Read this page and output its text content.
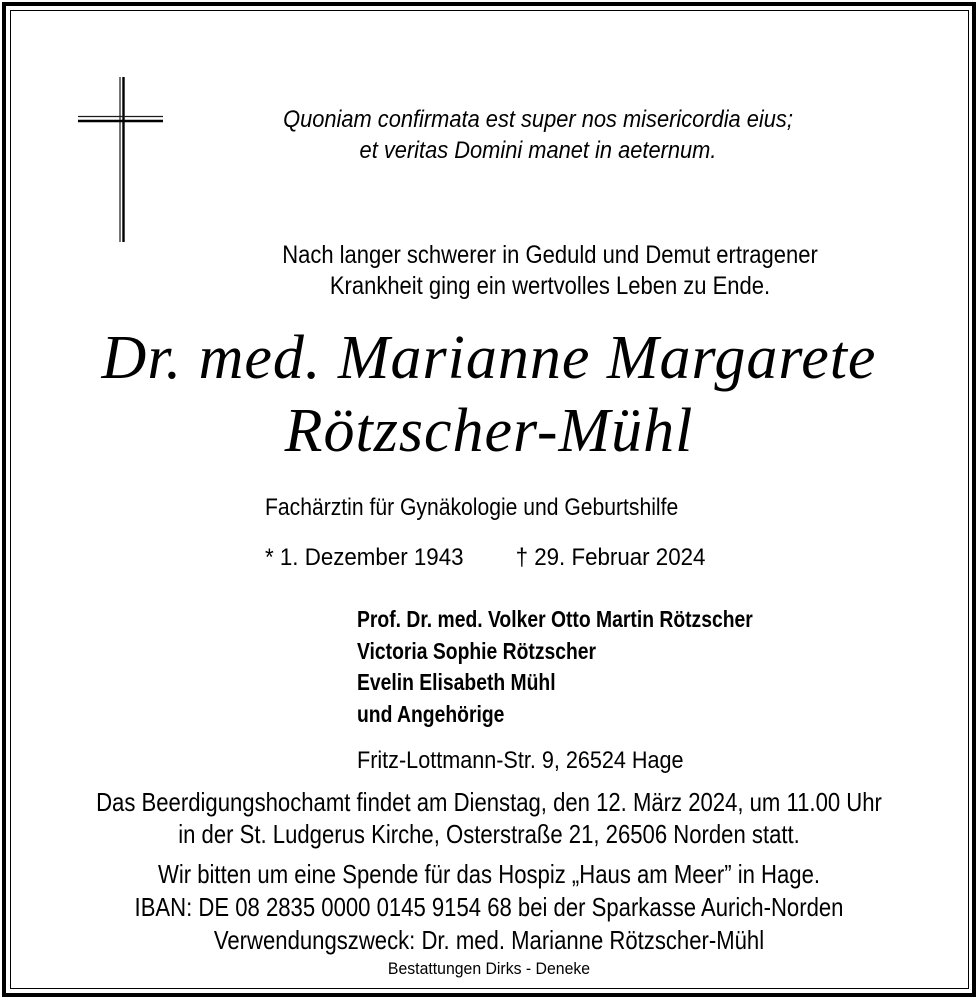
Quoniam confirmata est super nos misericordia eius;
et veritas Domini manet in aeternum.
Nach langer schwerer in Geduld und Demut ertragener
Krankheit ging ein wertvolles Leben zu Ende.
Dr. med. Marianne Margarete
Rötzscher-Mühl
Fachärztin für Gynäkologie und Geburtshilfe
* 1. Dezember 1943 † 29. Februar 2024
Prof. Dr. med. Volker Otto Martin Rötzscher
Victoria Sophie Rötzscher
Evelin Elisabeth Mühl
und Angehörige
Fritz-Lottmann-Str. 9, 26524 Hage
Das Beerdigungshochamt findet am Dienstag, den 12. März 2024, um 11.00 Uhr
in der St. Ludgerus Kirche, Osterstraße 21, 26506 Norden statt.
Wir bitten um eine Spende für das Hospiz „Haus am Meer” in Hage.
IBAN: DE 08 2835 0000 0145 9154 68 bei der Sparkasse Aurich-Norden
Verwendungszweck: Dr. med. Marianne Rötzscher-Mühl
Bestattungen Dirks - Deneke
